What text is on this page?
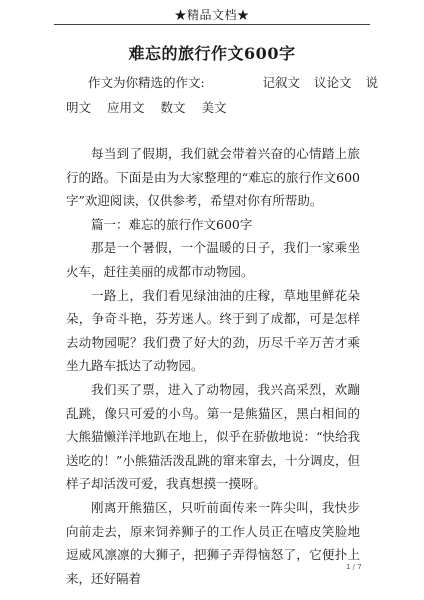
★精品文档★
难忘的旅行作文600字
作文为你精选的作文:	记叙文 议论文 说
明文 应用文 数文 美文

每当到了假期，我们就会带着兴奋的心情踏上旅行的路。下面是由为大家整理的“难忘的旅行作文600字”欢迎阅读，仅供参考，希望对你有所帮助。

篇一：难忘的旅行作文600字

那是一个暑假，一个温暖的日子，我们一家乘坐火车，赶往美丽的成都市动物园。

一路上，我们看见绿油油的庄稼，草地里鲜花朵朵，争奇斗艳，芬芳迷人。终于到了成都，可是怎样去动物园呢？我们费了好大的劲，历尽千辛万苦才乘坐九路车抵达了动物园。

我们买了票，进入了动物园，我兴高采烈，欢蹦乱跳，像只可爱的小鸟。第一是熊猫区，黑白相间的大熊猫懒洋洋地趴在地上，似乎在骄傲地说：“快给我送吃的！”小熊猫活泼乱跳的窜来窜去，十分调皮，但样子却活泼可爱，我真想摸一摸呀。

刚离开熊猫区，只听前面传来一阵尖叫，我快步向前走去，原来饲养狮子的工作人员正在嘻皮笑脸地逗威风凛凛的大狮子，把狮子弄得恼怒了，它便扑上来，还好隔着

1 / 7
